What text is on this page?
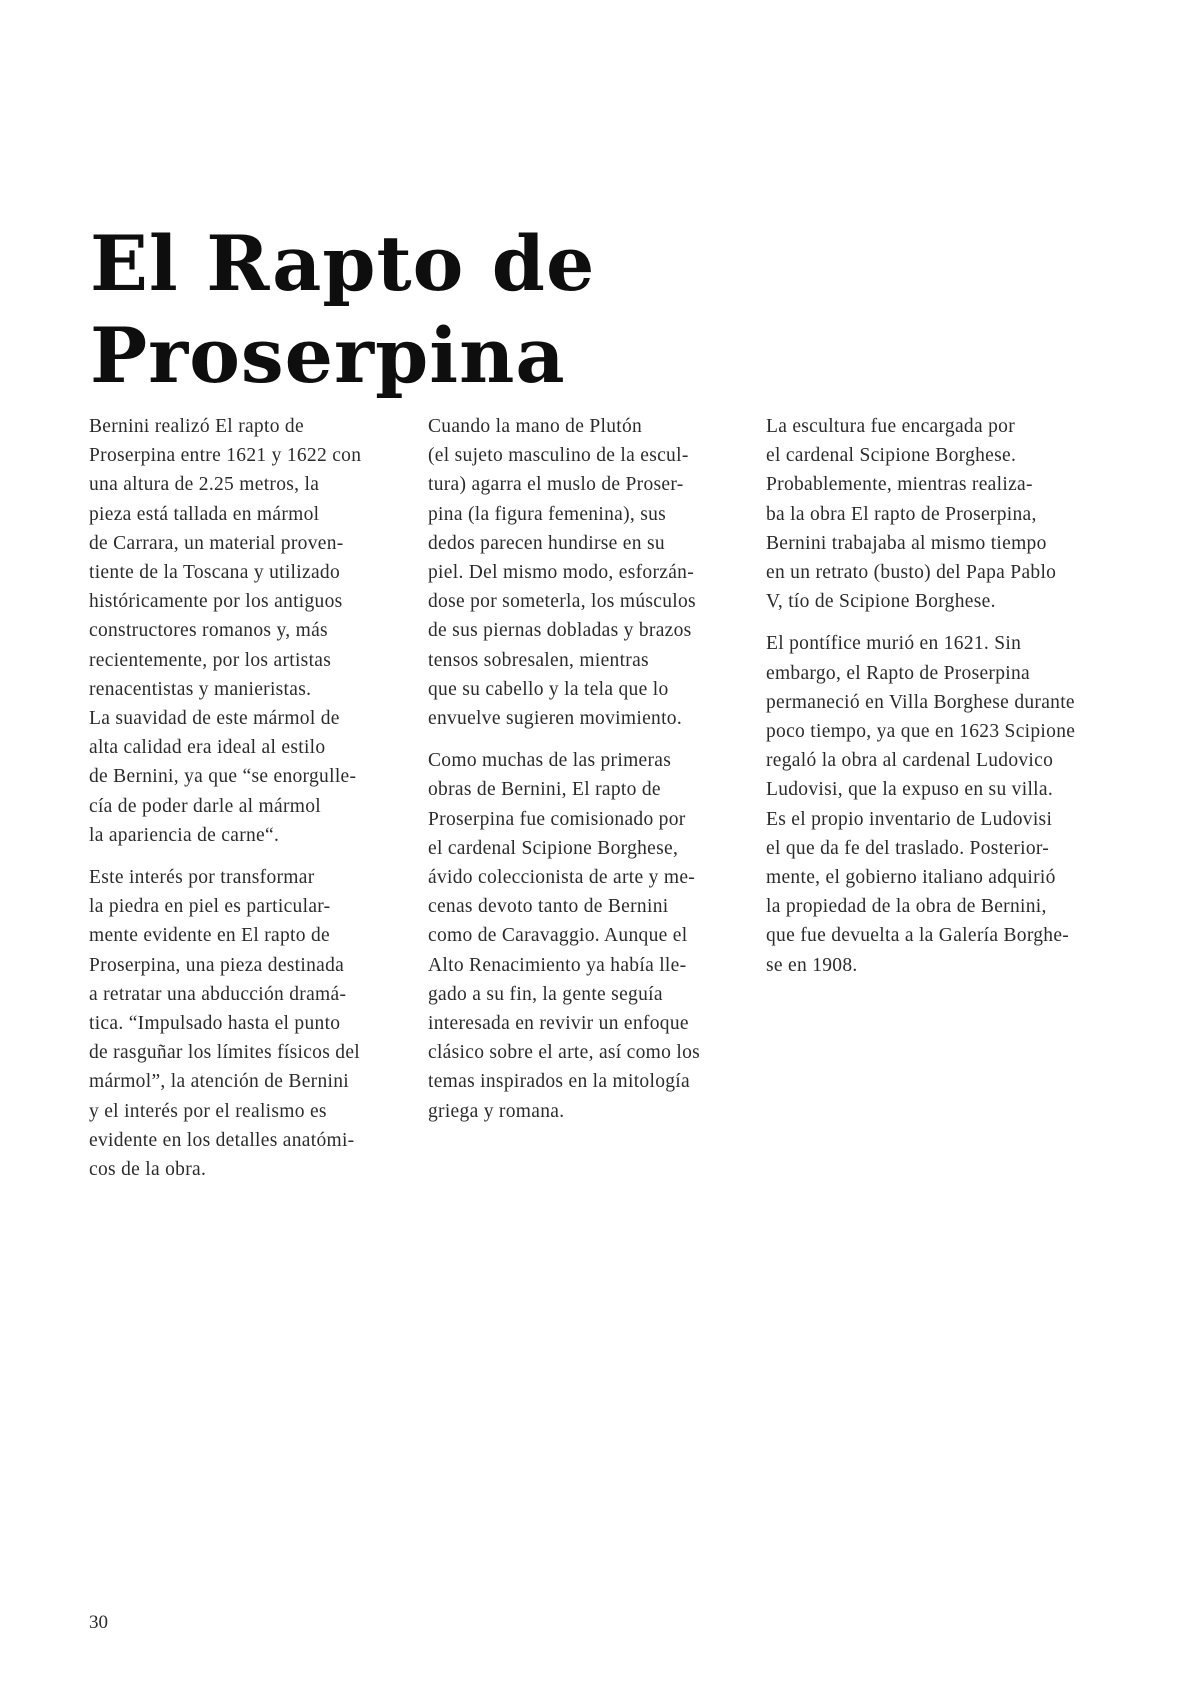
El Rapto de
Proserpina

Bernini realizó El rapto de
Proserpina entre 1621 y 1622 con
una altura de 2.25 metros, la
pieza está tallada en mármol
de Carrara, un material proven-
tiente de la Toscana y utilizado
históricamente por los antiguos
constructores romanos y, más
recientemente, por los artistas
renacentistas y manieristas.
La suavidad de este mármol de
alta calidad era ideal al estilo
de Bernini, ya que “se enorgulle-
cía de poder darle al mármol
la apariencia de carne“.

Este interés por transformar
la piedra en piel es particular-
mente evidente en El rapto de
Proserpina, una pieza destinada
a retratar una abducción dramá-
tica. “Impulsado hasta el punto
de rasguñar los límites físicos del
mármol”, la atención de Bernini
y el interés por el realismo es
evidente en los detalles anatómi-
cos de la obra.

Cuando la mano de Plutón
(el sujeto masculino de la escul-
tura) agarra el muslo de Proser-
pina (la figura femenina), sus
dedos parecen hundirse en su
piel. Del mismo modo, esforzán-
dose por someterla, los músculos
de sus piernas dobladas y brazos
tensos sobresalen, mientras
que su cabello y la tela que lo
envuelve sugieren movimiento.

Como muchas de las primeras
obras de Bernini, El rapto de
Proserpina fue comisionado por
el cardenal Scipione Borghese,
ávido coleccionista de arte y me-
cenas devoto tanto de Bernini
como de Caravaggio. Aunque el
Alto Renacimiento ya había lle-
gado a su fin, la gente seguía
interesada en revivir un enfoque
clásico sobre el arte, así como los
temas inspirados en la mitología
griega y romana.

La escultura fue encargada por
el cardenal Scipione Borghese.
Probablemente, mientras realiza-
ba la obra El rapto de Proserpina,
Bernini trabajaba al mismo tiempo
en un retrato (busto) del Papa Pablo
V, tío de Scipione Borghese.

El pontífice murió en 1621. Sin
embargo, el Rapto de Proserpina
permaneció en Villa Borghese durante
poco tiempo, ya que en 1623 Scipione
regaló la obra al cardenal Ludovico
Ludovisi, que la expuso en su villa.
Es el propio inventario de Ludovisi
el que da fe del traslado. Posterior-
mente, el gobierno italiano adquirió
la propiedad de la obra de Bernini,
que fue devuelta a la Galería Borghe-
se en 1908.

30
